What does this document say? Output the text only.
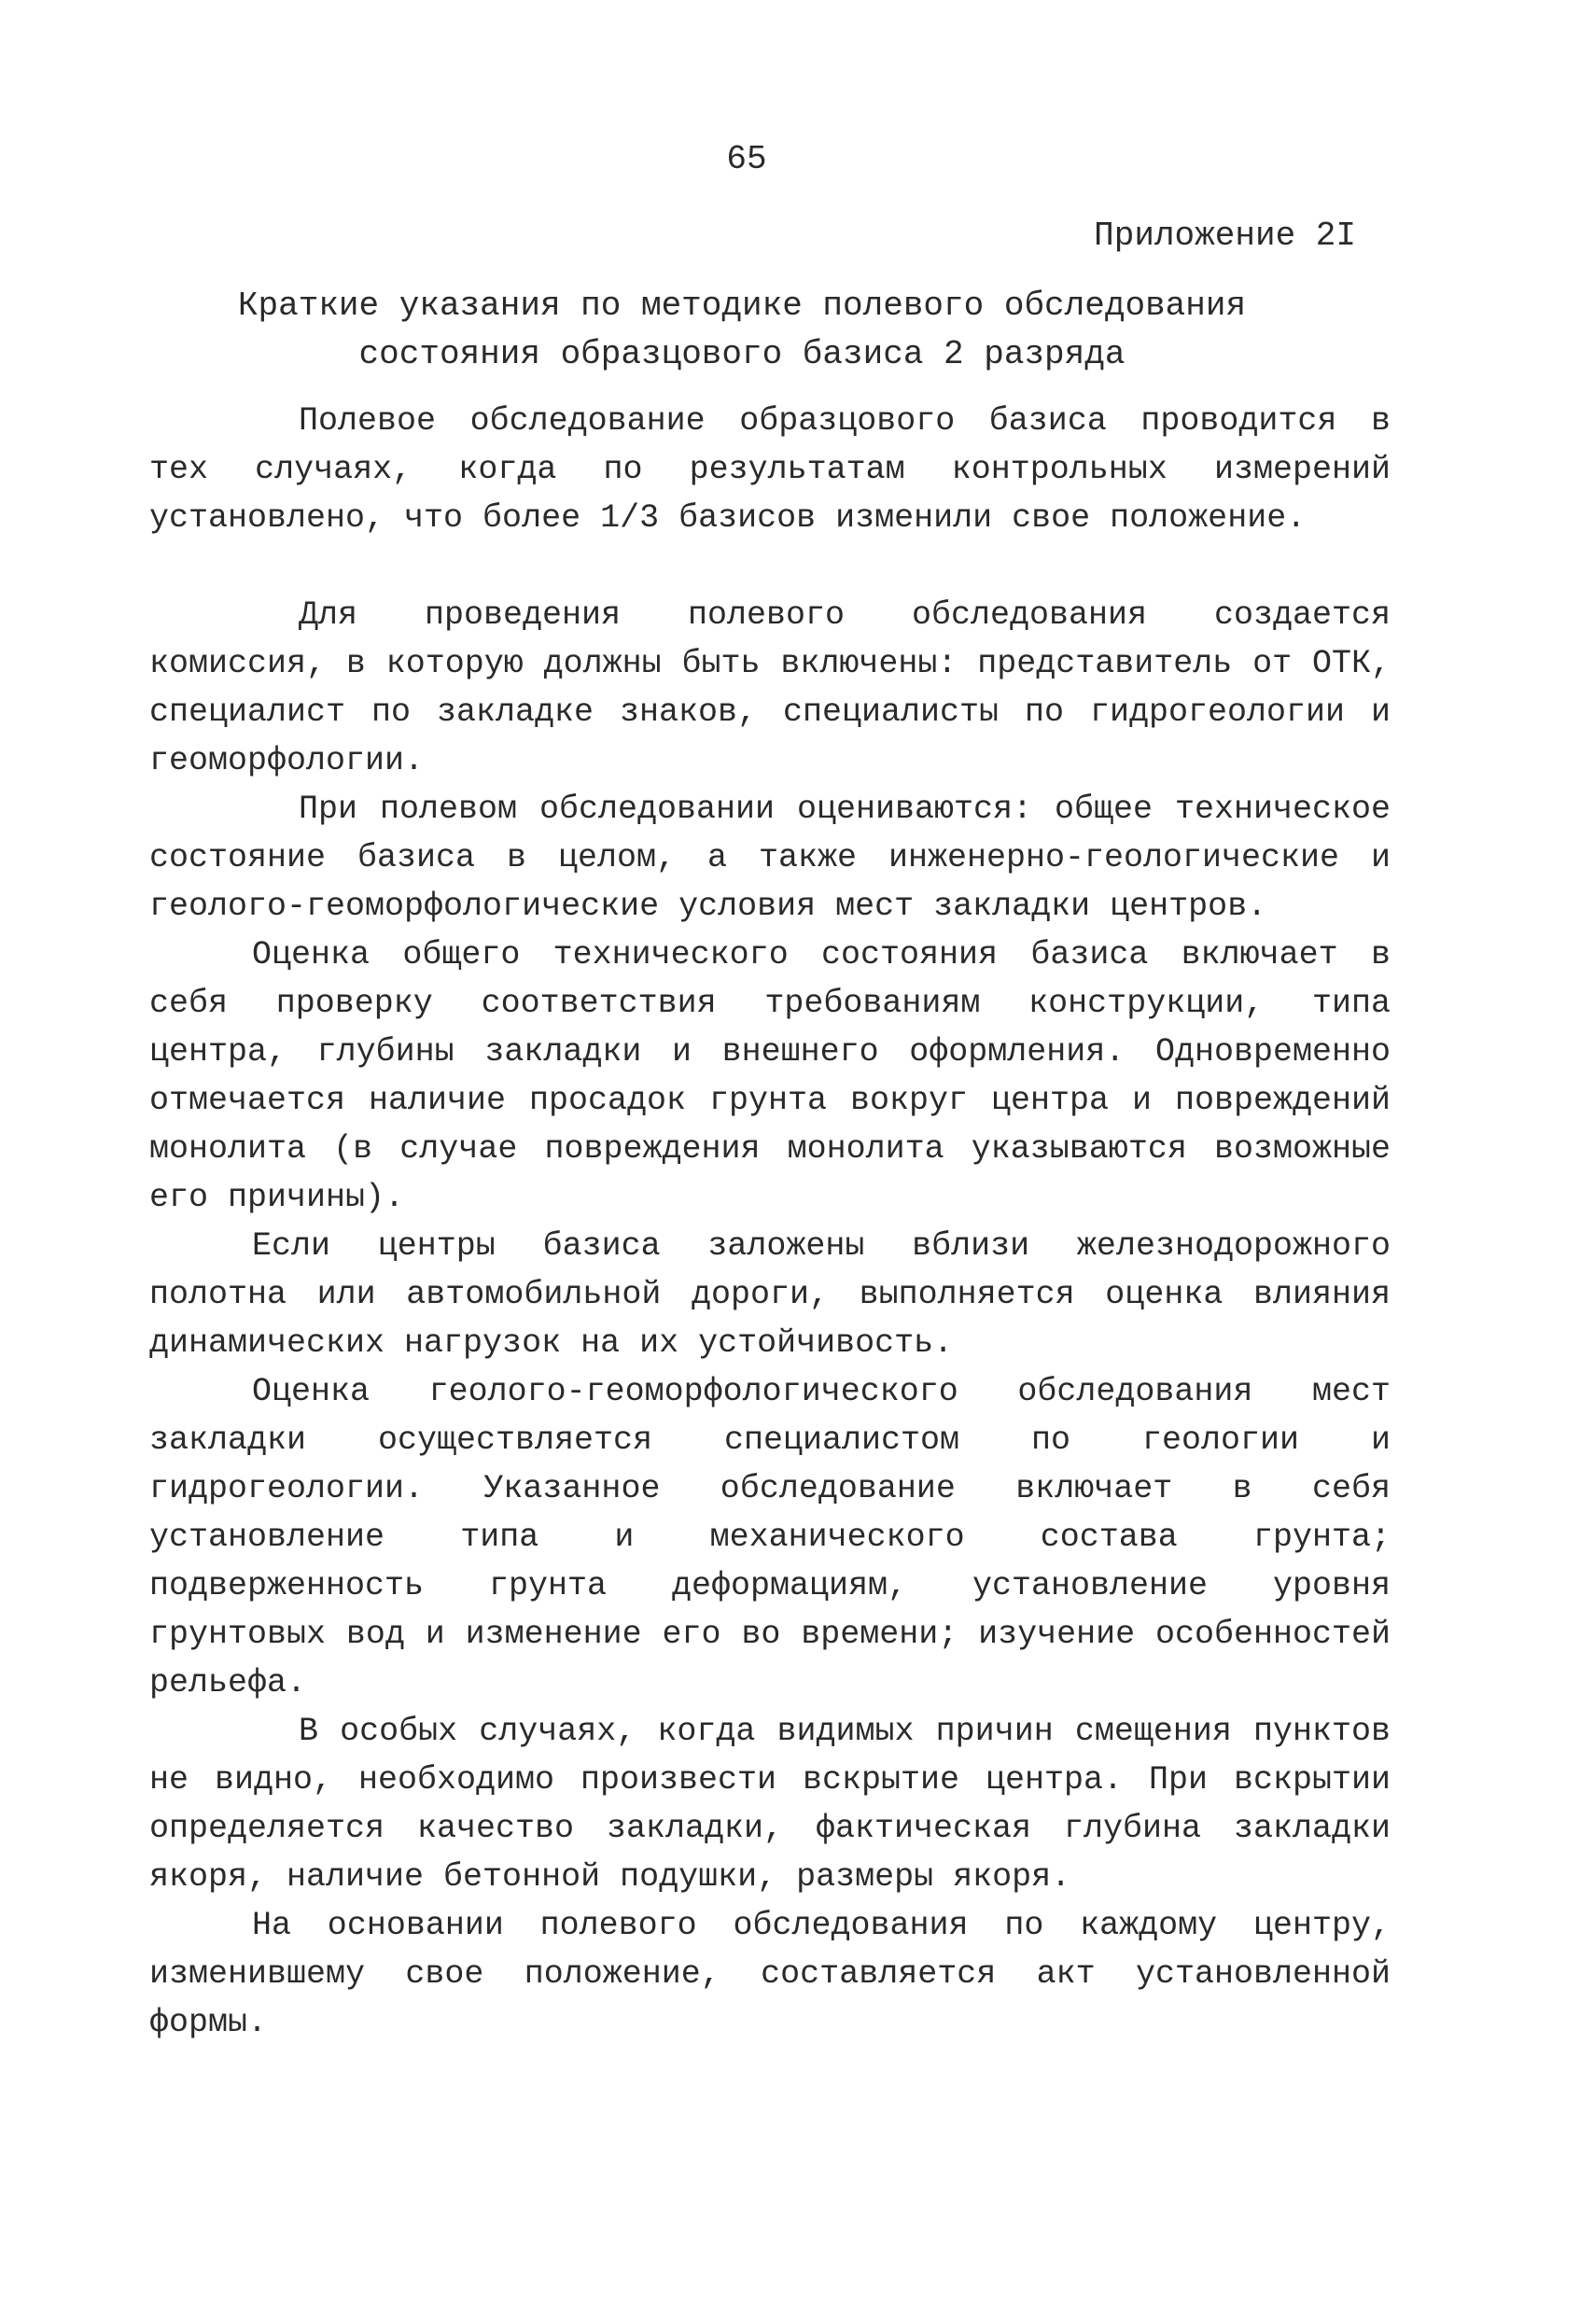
65
Приложение 2I
Краткие указания по методике полевого обследования
состояния образцового базиса 2 разряда

Полевое обследование образцового базиса проводится в тех случаях, когда по результатам контрольных измерений установлено, что более 1/3 базисов изменили свое положение.

Для проведения полевого обследования создается комиссия, в которую должны быть включены: представитель от ОТК, специалист по закладке знаков, специалисты по гидрогеологии и геоморфологии.

При полевом обследовании оцениваются: общее техническое состояние базиса в целом, а также инженерно-геологические и геолого-геоморфологические условия мест закладки центров.

Оценка общего технического состояния базиса включает в себя проверку соответствия требованиям конструкции, типа центра, глубины закладки и внешнего оформления. Одновременно отмечается наличие просадок грунта вокруг центра и повреждений монолита (в случае повреждения монолита указываются возможные его причины).

Если центры базиса заложены вблизи железнодорожного полотна или автомобильной дороги, выполняется оценка влияния динамических нагрузок на их устойчивость.

Оценка геолого-геоморфологического обследования мест закладки осуществляется специалистом по геологии и гидрогеологии. Указанное обследование включает в себя установление типа и механического состава грунта; подверженность грунта деформациям, установление уровня грунтовых вод и изменение его во времени; изучение особенностей рельефа.

В особых случаях, когда видимых причин смещения пунктов не видно, необходимо произвести вскрытие центра. При вскрытии определяется качество закладки, фактическая глубина закладки якоря, наличие бетонной подушки, размеры якоря.

На основании полевого обследования по каждому центру, изменившему свое положение, составляется акт установленной формы.
